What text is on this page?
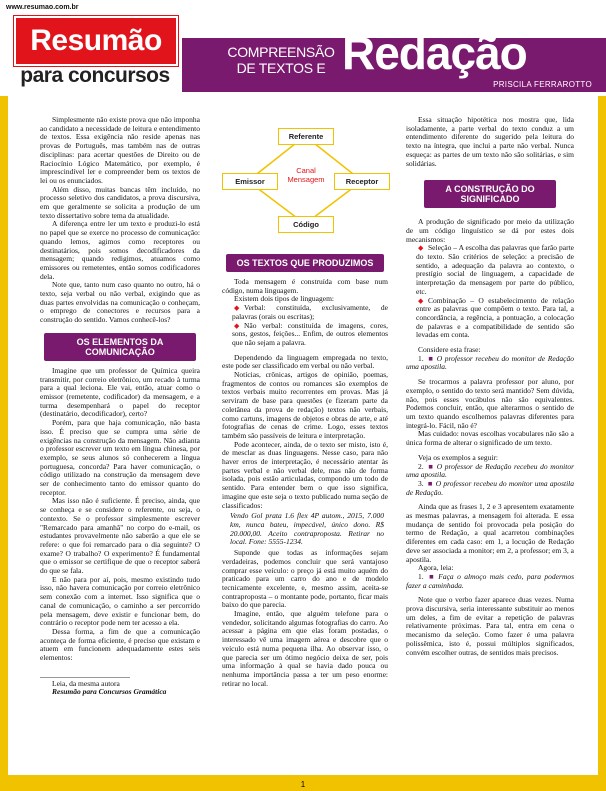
www.resumao.com.br
Resumão
para concursos
COMPREENSÃO
DE TEXTOS E Redação
PRISCILA FERRAROTTO
1

Simplesmente não existe prova que não imponha ao candidato a necessidade de leitura e entendimento de textos. Essa exigência não reside apenas nas provas de Português, mas também nas de outras disciplinas: para acertar questões de Direito ou de Raciocínio Lógico Matemático, por exemplo, é imprescindível ler e compreender bem os textos de lei ou os enunciados.

Além disso, muitas bancas têm incluído, no processo seletivo dos candidatos, a prova discursiva, em que geralmente se solicita a produção de um texto dissertativo sobre tema da atualidade.

A diferença entre ler um texto e produzi-lo está no papel que se exerce no processo de comunicação: quando lemos, agimos como receptores ou destinatários, pois somos decodificadores da mensagem; quando redigimos, atuamos como emissores ou remetentes, então somos codificadores dela.

Note que, tanto num caso quanto no outro, há o texto, seja verbal ou não verbal, exigindo que as duas partes envolvidas na comunicação o conheçam, o emprego de conectores e recursos para a construção do sentido. Vamos conhecê-los?

OS ELEMENTOS DA COMUNICAÇÃO

Imagine que um professor de Química queira transmitir, por correio eletrônico, um recado à turma para a qual leciona. Ele vai, então, atuar como o emissor (remetente, codificador) da mensagem, e a turma desempenhará o papel do receptor (destinatário, decodificador), certo?

Porém, para que haja comunicação, não basta isso. É preciso que se cumpra uma série de exigências na construção da mensagem. Não adianta o professor escrever um texto em língua chinesa, por exemplo, se seus alunos só conhecerem a língua portuguesa, concorda? Para haver comunicação, o código utilizado na construção da mensagem deve ser de conhecimento tanto do emissor quanto do receptor.

Mas isso não é suficiente. É preciso, ainda, que se conheça e se considere o referente, ou seja, o contexto. Se o professor simplesmente escrever "Remarcado para amanhã" no corpo do e-mail, os estudantes provavelmente não saberão a que ele se refere: o que foi remarcado para o dia seguinte? O exame? O trabalho? O experimento? É fundamental que o emissor se certifique de que o receptor saberá do que se fala.

E não para por aí, pois, mesmo existindo tudo isso, não havera comunicação por correio eletrônico sem conexão com a internet. Isso significa que o canal de comunicação, o caminho a ser percorrido pela mensagem, deve existir e funcionar bem, do contrário o receptor pode nem ter acesso a ela.

Dessa forma, a fim de que a comunicação aconteça de forma eficiente, é preciso que existam e atuem em funcionem adequadamente estes seis elementos:

Leia, da mesma autora

Resumão para Concursos Gramática

Referente
Emissor	Receptor
Código
Canal
Mensagem
OS TEXTOS QUE PRODUZIMOS

Toda mensagem é construída com base num código, numa linguagem.

Existem dois tipos de linguagem:

◆ Verbal: constituída, exclusivamente, de palavras (orais ou escritas);

◆ Não verbal: constituída de imagens, cores, sons, gestos, feições... Enfim, de outros elementos que não sejam a palavra.

Dependendo da linguagem empregada no texto, este pode ser classificado em verbal ou não verbal.

Notícias, crônicas, artigos de opinião, poemas, fragmentos de contos ou romances são exemplos de textos verbais muito recorrentes em provas. Mas já serviram de base para questões (e fizeram parte da coletânea da prova de redação) textos não verbais, como cartuns, imagens de objetos e obras de arte, e até fotografias de cenas de crime. Logo, esses textos também são passíveis de leitura e interpretação.

Pode acontecer, ainda, de o texto ser misto, isto é, de mesclar as duas linguagens. Nesse caso, para não haver erros de interpretação, é necessário atentar às partes verbal e não verbal dele, mas não de forma isolada, pois estão articuladas, compondo um todo de sentido. Para entender bem o que isso significa, imagine que este seja o texto publicado numa seção de classificados:

Vendo Gol prata 1.6 flex 4P autom., 2015, 7.000 km, nunca bateu, impecável, único dono. R$ 20.000,00. Aceito contraproposta. Retirar no local. Fone: 5555-1234.

Suponde que todas as informações sejam verdadeiras, podemos concluir que será vantajoso comprar esse veículo: o preço já está muito aquém do praticado para um carro do ano e de modelo tecnicamente excelente, e, mesmo assim, aceita-se contraproposta – o montante pode, portanto, ficar mais baixo do que parecia.

Imagine, então, que alguém telefone para o vendedor, solicitando algumas fotografias do carro. Ao acessar a página em que elas foram postadas, o interessado vê uma imagem aérea e descobre que o veículo está numa pequena ilha. Ao observar isso, o que parecia ser um ótimo negócio deixa de ser, pois uma informação à qual se havia dado pouca ou nenhuma importância passa a ter um peso enorme: retirar no local.

Essa situação hipotética nos mostra que, lida isoladamente, a parte verbal do texto conduz a um entendimento diferente do sugerido pela leitura do texto na íntegra, que inclui a parte não verbal. Nunca esqueça: as partes de um texto não são solitárias, e sim solidárias.

A CONSTRUÇÃO DO SIGNIFICADO

A produção de significado por meio da utilização de um código linguístico se dá por estes dois mecanismos:

◆ Seleção – A escolha das palavras que farão parte do texto. São critérios de seleção: a precisão de sentido, a adequação da palavra ao contexto, o prestígio social de linguagem, a capacidade de interpretação da mensagem por parte do público, etc.

◆ Combinação – O estabelecimento de relação entre as palavras que compõem o texto. Para tal, a concordância, a regência, a pontuação, a colocação de palavras e a compatibilidade de sentido são levadas em conta.

Considere esta frase:

1. ■ O professor recebeu do monitor de Redação uma apostila.

Se trocarmos a palavra professor por aluno, por exemplo, o sentido do texto será mantido? Sem dúvida, não, pois esses vocábulos não são equivalentes. Podemos concluir, então, que alterarmos o sentido de um texto quando escolhemos palavras diferentes para integrá-lo. Fácil, não é?

Mas cuidado: novas escolhas vocabulares não são a única forma de alterar o significado de um texto.

Veja os exemplos a seguir:

2. ■ O professor de Redação recebeu do monitor uma apostila.

3. ■ O professor recebeu do monitor uma apostila de Redação.

Ainda que as frases 1, 2 e 3 apresentem exatamente as mesmas palavras, a mensagem foi alterada. E essa mudança de sentido foi provocada pela posição do termo de Redação, a qual acarretou combinações diferentes em cada caso: em 1, a locução de Redação deve ser associada a monitor; em 2, a professor; em 3, a apostila.

Agora, leia:

1. ■ Faça o almoço mais cedo, para podermos fazer a caminhada.

Note que o verbo fazer aparece duas vezes. Numa prova discursiva, seria interessante substituir ao menos um deles, a fim de evitar a repetição de palavras relativamente próximas. Para tal, entra em cena o mecanismo da seleção. Como fazer é uma palavra polissêmica, isto é, possui múltiplos significados, convém escolher outras, de sentidos mais precisos.
